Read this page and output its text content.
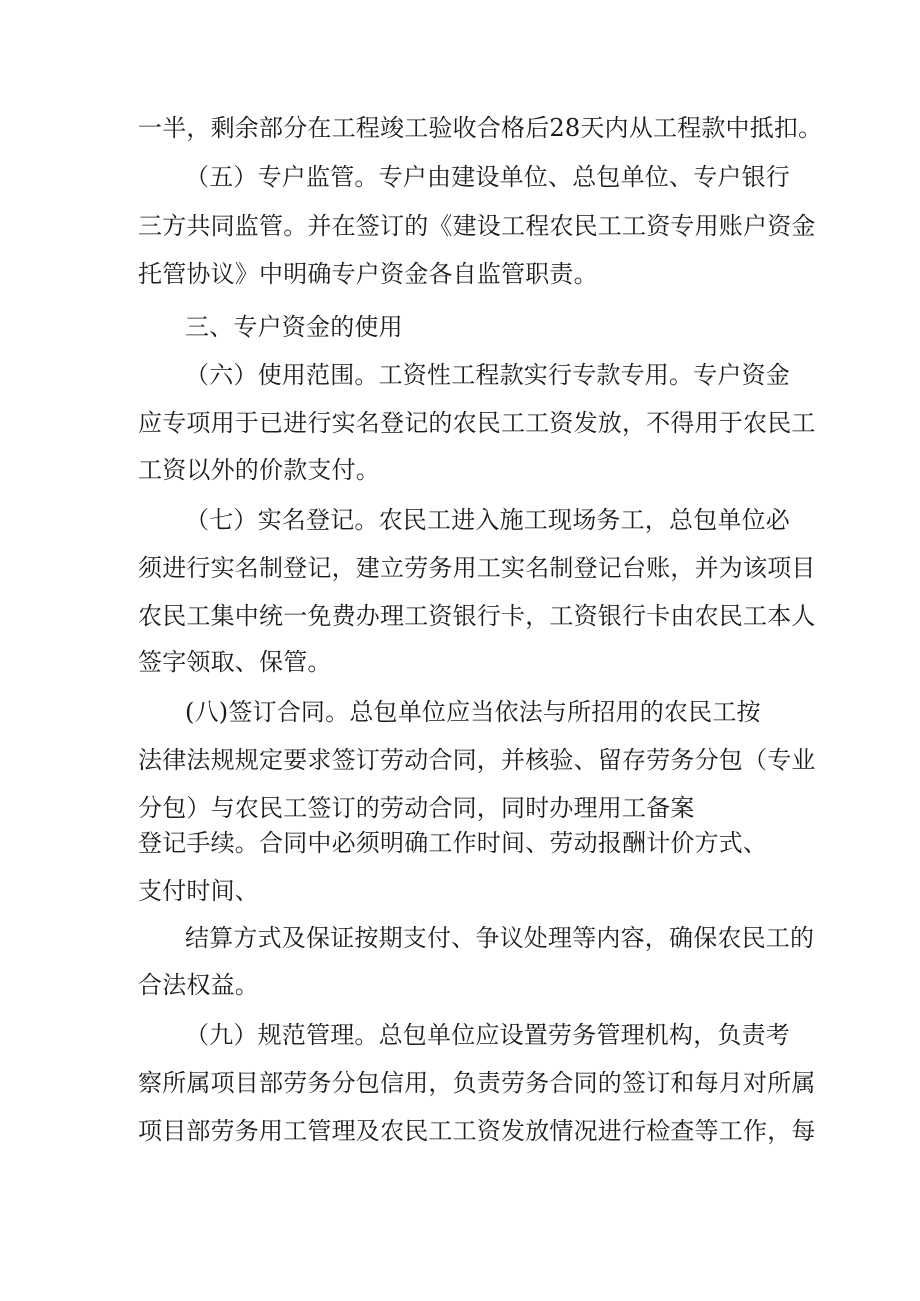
一半，剩余部分在工程竣工验收合格后28天内从工程款中抵扣。
（五）专户监管。专户由建设单位、总包单位、专户银行
三方共同监管。并在签订的《建设工程农民工工资专用账户资金
托管协议》中明确专户资金各自监管职责。
三、专户资金的使用
（六）使用范围。工资性工程款实行专款专用。专户资金
应专项用于已进行实名登记的农民工工资发放，不得用于农民工
工资以外的价款支付。
（七）实名登记。农民工进入施工现场务工，总包单位必
须进行实名制登记，建立劳务用工实名制登记台账，并为该项目
农民工集中统一免费办理工资银行卡，工资银行卡由农民工本人
签字领取、保管。
(八)签订合同。总包单位应当依法与所招用的农民工按
法律法规规定要求签订劳动合同，并核验、留存劳务分包（专业
分包）与农民工签订的劳动合同，同时办理用工备案
登记手续。合同中必须明确工作时间、劳动报酬计价方式、
支付时间、
结算方式及保证按期支付、争议处理等内容，确保农民工的
合法权益。
（九）规范管理。总包单位应设置劳务管理机构，负责考
察所属项目部劳务分包信用，负责劳务合同的签订和每月对所属
项目部劳务用工管理及农民工工资发放情况进行检查等工作，每
